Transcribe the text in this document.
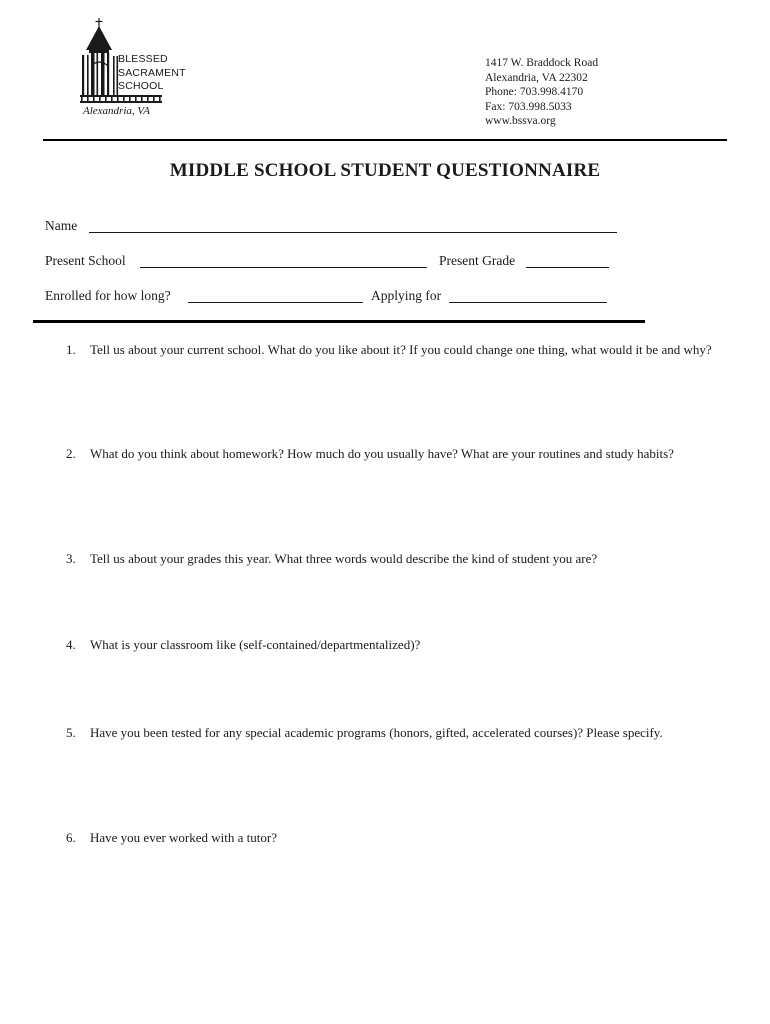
BLESSED
SACRAMENT
SCHOOL
Alexandria, VA
1417 W. Braddock Road
Alexandria, VA 22302
Phone: 703.998.4170
Fax: 703.998.5033
www.bssva.org
MIDDLE SCHOOL STUDENT QUESTIONNAIRE
Name
Present School	Present Grade
Enrolled for how long?	Applying for
1.	Tell us about your current school. What do you like about it? If you could change one thing, what would it be and why?
2.	What do you think about homework? How much do you usually have? What are your routines and study habits?
3.	Tell us about your grades this year. What three words would describe the kind of student you are?
4.	What is your classroom like (self-contained/departmentalized)?
5.	Have you been tested for any special academic programs (honors, gifted, accelerated courses)? Please specify.
6.	Have you ever worked with a tutor?
